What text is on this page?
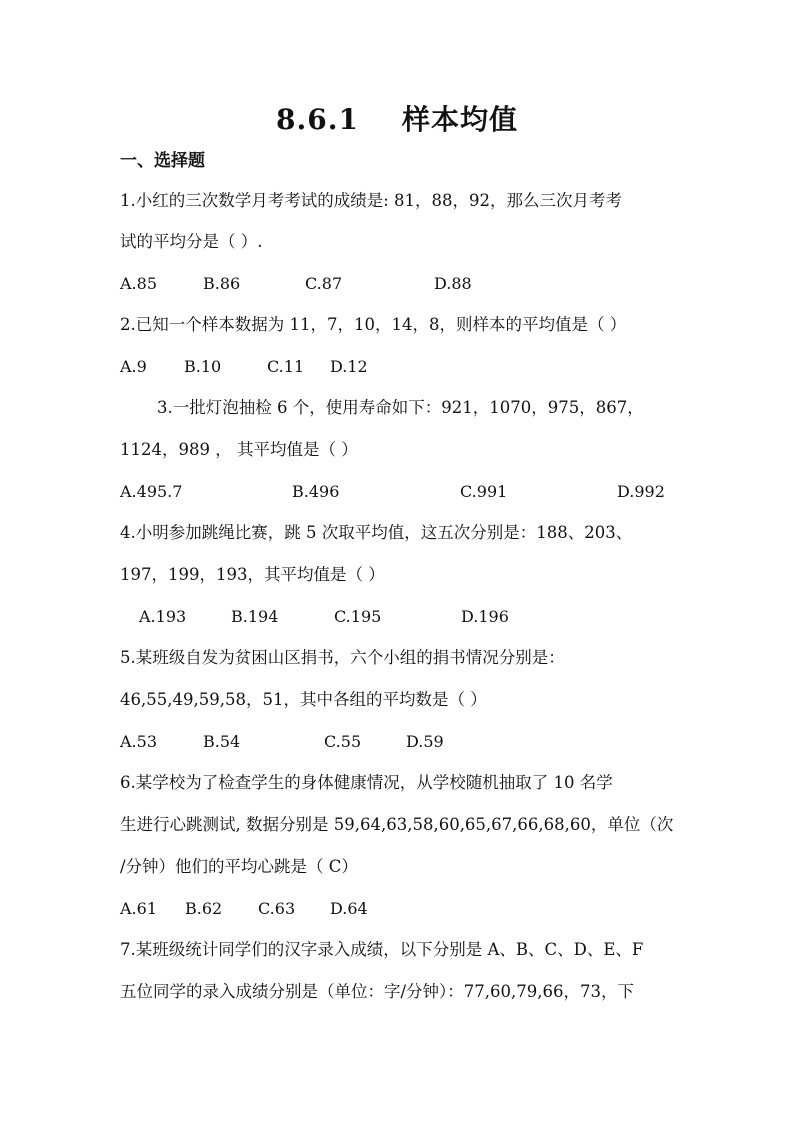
8.6.1    样本均值
一、选择题
1.小红的三次数学月考考试的成绩是: 81，88，92，那么三次月考考
试的平均分是（ ）.
A.85	B.86	C.87	D.88
2.已知一个样本数据为 11，7，10，14，8，则样本的平均值是（ ）
A.9 B.10	C.11 D.12
3.一批灯泡抽检 6 个，使用寿命如下：921，1070，975，867，
1124，989 ， 其平均值是（ ）
A.495.7	B.496	C.991	D.992
4.小明参加跳绳比赛，跳 5 次取平均值，这五次分别是：188、203、
197，199，193，其平均值是（ ）
A.193	B.194	C.195	D.196
5.某班级自发为贫困山区捐书，六个小组的捐书情况分别是：
46,55,49,59,58，51，其中各组的平均数是（ ）
A.53	B.54	C.55	D.59
6.某学校为了检查学生的身体健康情况，从学校随机抽取了 10 名学
生进行心跳测试, 数据分别是 59,64,63,58,60,65,67,66,68,60，单位（次
/分钟）他们的平均心跳是（ C）
A.61 B.62 C.63 D.64
7.某班级统计同学们的汉字录入成绩，以下分别是 A、B、C、D、E、F
五位同学的录入成绩分别是（单位：字/分钟）：77,60,79,66，73，下
